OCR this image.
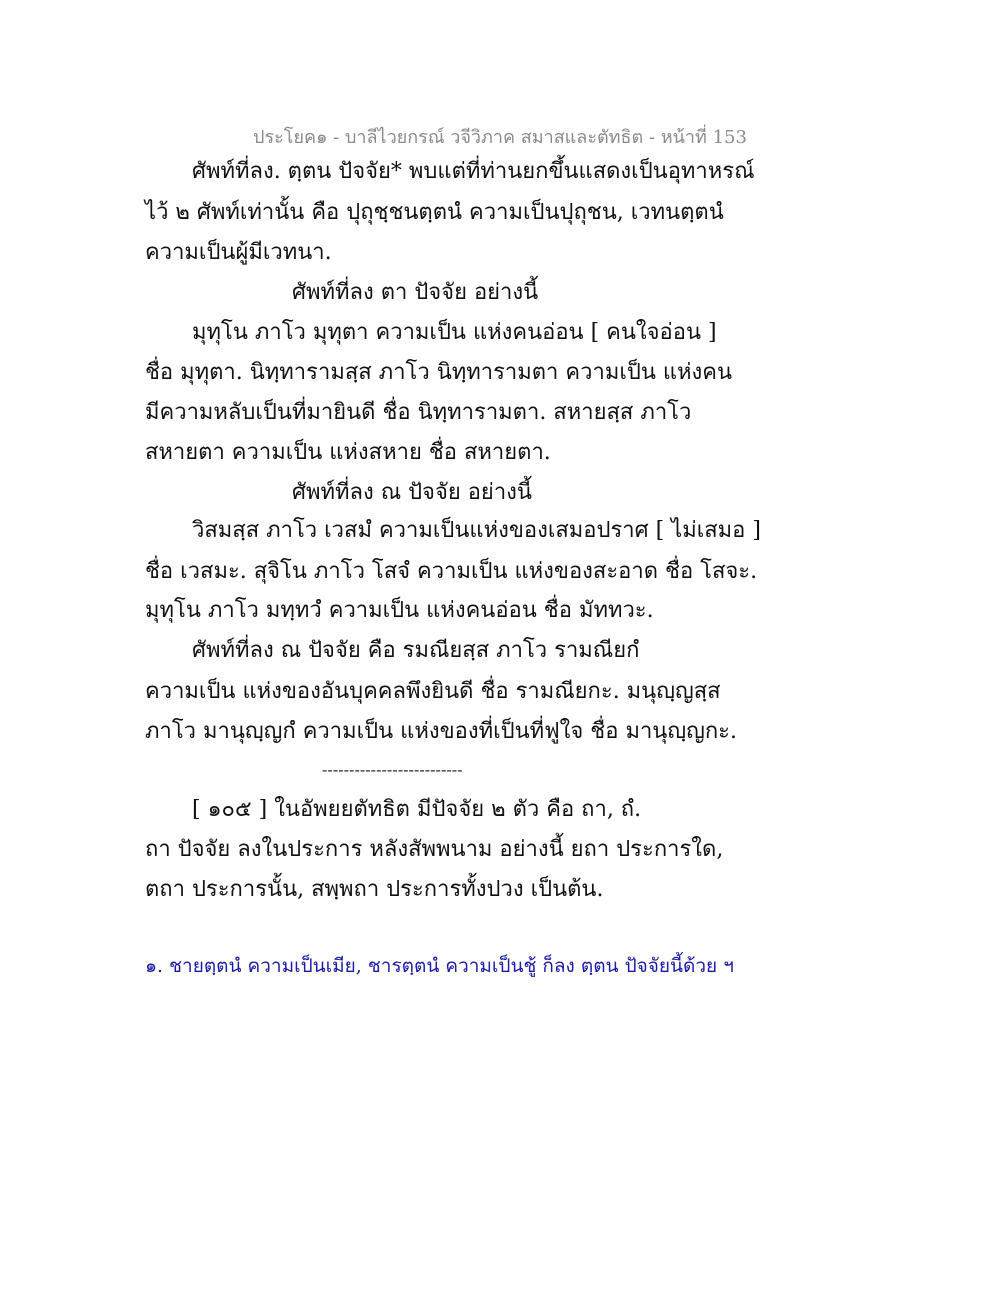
ประโยค๑ - บาลีไวยกรณ์ วจีวิภาค สมาสและตัทธิต - หน้าที่ 153
ศัพท์ที่ลง. ตฺตน ปัจจัย* พบแต่ที่ท่านยกขึ้นแสดงเป็นอุทาหรณ์
ไว้ ๒ ศัพท์เท่านั้น คือ ปุถุชฺชนตฺตนํ ความเป็นปุถุชน, เวทนตฺตนํ
ความเป็นผู้มีเวทนา.
ศัพท์ที่ลง ตา ปัจจัย อย่างนี้
มุทุโน ภาโว มุทุตา ความเป็น แห่งคนอ่อน [ คนใจอ่อน ]
ชื่อ มุทุตา. นิทฺทารามสฺส ภาโว นิทฺทารามตา ความเป็น แห่งคน
มีความหลับเป็นที่มายินดี ชื่อ นิทฺทารามตา. สหายสฺส ภาโว
สหายตา ความเป็น แห่งสหาย ชื่อ สหายตา.
ศัพท์ที่ลง ณ ปัจจัย อย่างนี้
วิสมสฺส ภาโว เวสมํ ความเป็นแห่งของเสมอปราศ [ ไม่เสมอ ]
ชื่อ เวสมะ. สุจิโน ภาโว โสจํ ความเป็น แห่งของสะอาด ชื่อ โสจะ.
มุทุโน ภาโว มทฺทวํ ความเป็น แห่งคนอ่อน ชื่อ มัททวะ.
ศัพท์ที่ลง ณ ปัจจัย คือ รมณียสฺส ภาโว รามณียกํ
ความเป็น แห่งของอันบุคคลพึงยินดี ชื่อ รามณียกะ. มนุญฺญสฺส
ภาโว มานุญฺญกํ ความเป็น แห่งของที่เป็นที่ฟูใจ ชื่อ มานุญฺญกะ.
--------------------------
[ ๑๐๕ ] ในอัพยยตัทธิต มีปัจจัย ๒ ตัว คือ ถา, ถํ.
ถา ปัจจัย ลงในประการ หลังสัพพนาม อย่างนี้ ยถา ประการใด,
ตถา ประการนั้น, สพฺพถา ประการทั้งปวง เป็นต้น.
๑. ชายตฺตนํ ความเป็นเมีย, ชารตฺตนํ ความเป็นชู้ ก็ลง ตฺตน ปัจจัยนี้ด้วย ฯ
